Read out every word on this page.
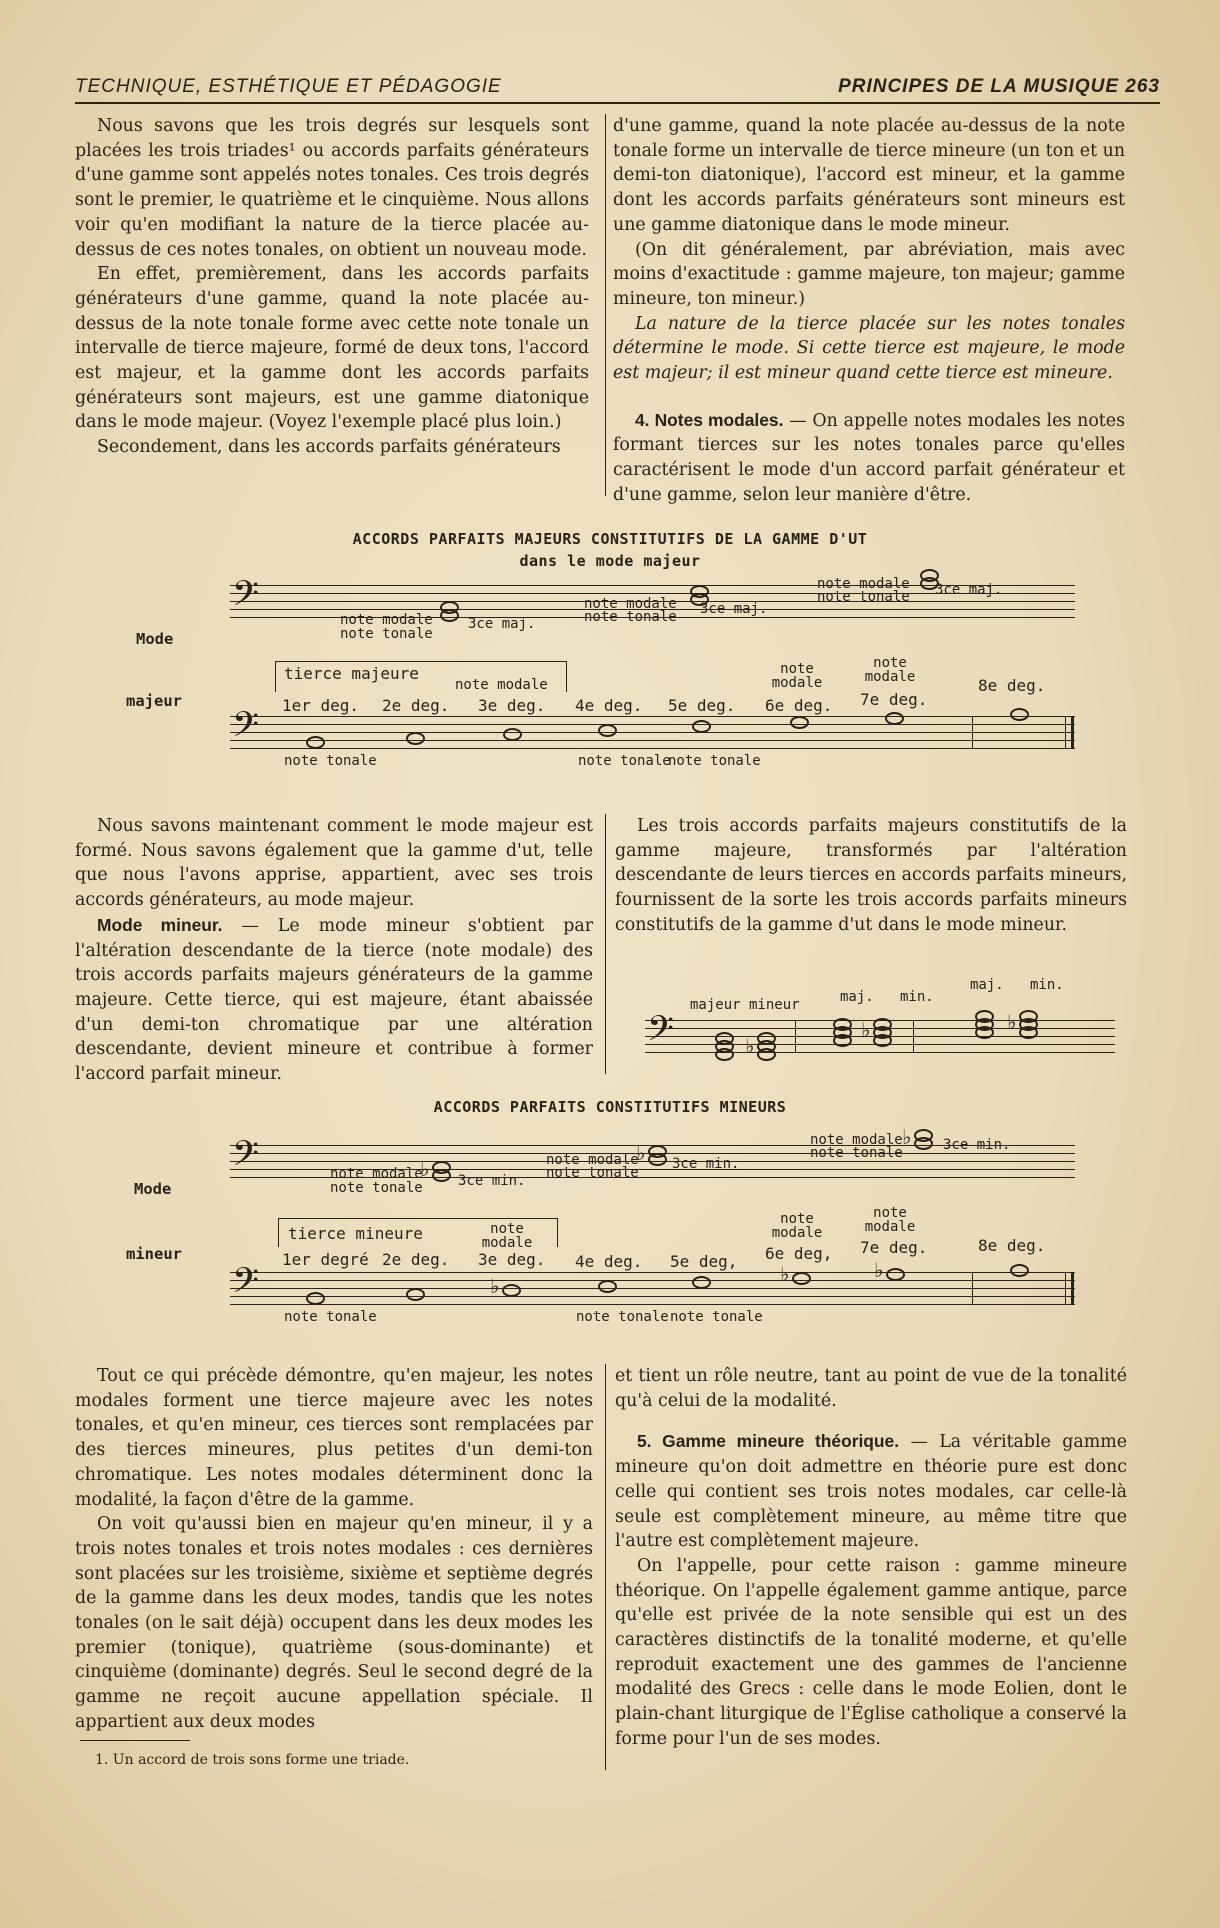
TECHNIQUE, ESTHÉTIQUE ET PÉDAGOGIE	PRINCIPES DE LA MUSIQUE 263

Nous savons que les trois degrés sur lesquels sont placées les trois triades¹ ou accords parfaits générateurs d'une gamme sont appelés notes tonales. Ces trois degrés sont le premier, le quatrième et le cinquième. Nous allons voir qu'en modifiant la nature de la tierce placée au-dessus de ces notes tonales, on obtient un nouveau mode.

En effet, premièrement, dans les accords parfaits générateurs d'une gamme, quand la note placée au-dessus de la note tonale forme avec cette note tonale un intervalle de tierce majeure, formé de deux tons, l'accord est majeur, et la gamme dont les accords parfaits générateurs sont majeurs, est une gamme diatonique dans le mode majeur. (Voyez l'exemple placé plus loin.)

Secondement, dans les accords parfaits générateurs

d'une gamme, quand la note placée au-dessus de la note tonale forme un intervalle de tierce mineure (un ton et un demi-ton diatonique), l'accord est mineur, et la gamme dont les accords parfaits générateurs sont mineurs est une gamme diatonique dans le mode mineur.

(On dit généralement, par abréviation, mais avec moins d'exactitude : gamme majeure, ton majeur; gamme mineure, ton mineur.)

La nature de la tierce placée sur les notes tonales détermine le mode. Si cette tierce est majeure, le mode est majeur; il est mineur quand cette tierce est mineure.

4. Notes modales. — On appelle notes modales les notes formant tierces sur les notes tonales parce qu'elles caractérisent le mode d'un accord parfait générateur et d'une gamme, selon leur manière d'être.

ACCORDS PARFAITS MAJEURS CONSTITUTIFS DE LA GAMME D'UT
dans le mode majeur
Mode
majeur
𝄢	note modale
note tonale
3ce maj.
note modale
note tonale 3ce maj.
note modale
note tonale 3ce maj.
tierce majeure
note modale
note modale
note modale
1er deg. 2e deg. 3e deg. 4e deg. 5e deg. 6e deg. 7e deg.
8e deg.
𝄢
note tonale	note tonale
note tonale

Nous savons maintenant comment le mode majeur est formé. Nous savons également que la gamme d'ut, telle que nous l'avons apprise, appartient, avec ses trois accords générateurs, au mode majeur.

Mode mineur. — Le mode mineur s'obtient par l'altération descendante de la tierce (note modale) des trois accords parfaits majeurs générateurs de la gamme majeure. Cette tierce, qui est majeure, étant abaissée d'un demi-ton chromatique par une altération descendante, devient mineure et contribue à former l'accord parfait mineur.

Les trois accords parfaits majeurs constitutifs de la gamme majeure, transformés par l'altération descendante de leurs tierces en accords parfaits mineurs, fournissent de la sorte les trois accords parfaits mineurs constitutifs de la gamme d'ut dans le mode mineur.

𝄢	♭
♭	♭
majeur mineur	maj. min.
maj. min.
ACCORDS PARFAITS CONSTITUTIFS MINEURS
Mode
mineur
𝄢	♭
♭
♭
note modale
note tonale	3ce min.
note modale
note tonale
3ce min.
note modale
note tonale	3ce min.
tierce mineure	note modale
note modale
note modale
1er degré 2e deg. 3e deg. 4e deg. 5e deg, 6e deg, 7e deg.	8e deg.
𝄢	♭	♭	♭
note tonale	note tonale note tonale

Tout ce qui précède démontre, qu'en majeur, les notes modales forment une tierce majeure avec les notes tonales, et qu'en mineur, ces tierces sont remplacées par des tierces mineures, plus petites d'un demi-ton chromatique. Les notes modales déterminent donc la modalité, la façon d'être de la gamme.

On voit qu'aussi bien en majeur qu'en mineur, il y a trois notes tonales et trois notes modales : ces dernières sont placées sur les troisième, sixième et septième degrés de la gamme dans les deux modes, tandis que les notes tonales (on le sait déjà) occupent dans les deux modes les premier (tonique), quatrième (sous-dominante) et cinquième (dominante) degrés. Seul le second degré de la gamme ne reçoit aucune appellation spéciale. Il appartient aux deux modes

1. Un accord de trois sons forme une triade.

et tient un rôle neutre, tant au point de vue de la tonalité qu'à celui de la modalité.

5. Gamme mineure théorique. — La véritable gamme mineure qu'on doit admettre en théorie pure est donc celle qui contient ses trois notes modales, car celle-là seule est complètement mineure, au même titre que l'autre est complètement majeure.

On l'appelle, pour cette raison : gamme mineure théorique. On l'appelle également gamme antique, parce qu'elle est privée de la note sensible qui est un des caractères distinctifs de la tonalité moderne, et qu'elle reproduit exactement une des gammes de l'ancienne modalité des Grecs : celle dans le mode Eolien, dont le plain-chant liturgique de l'Église catholique a conservé la forme pour l'un de ses modes.
